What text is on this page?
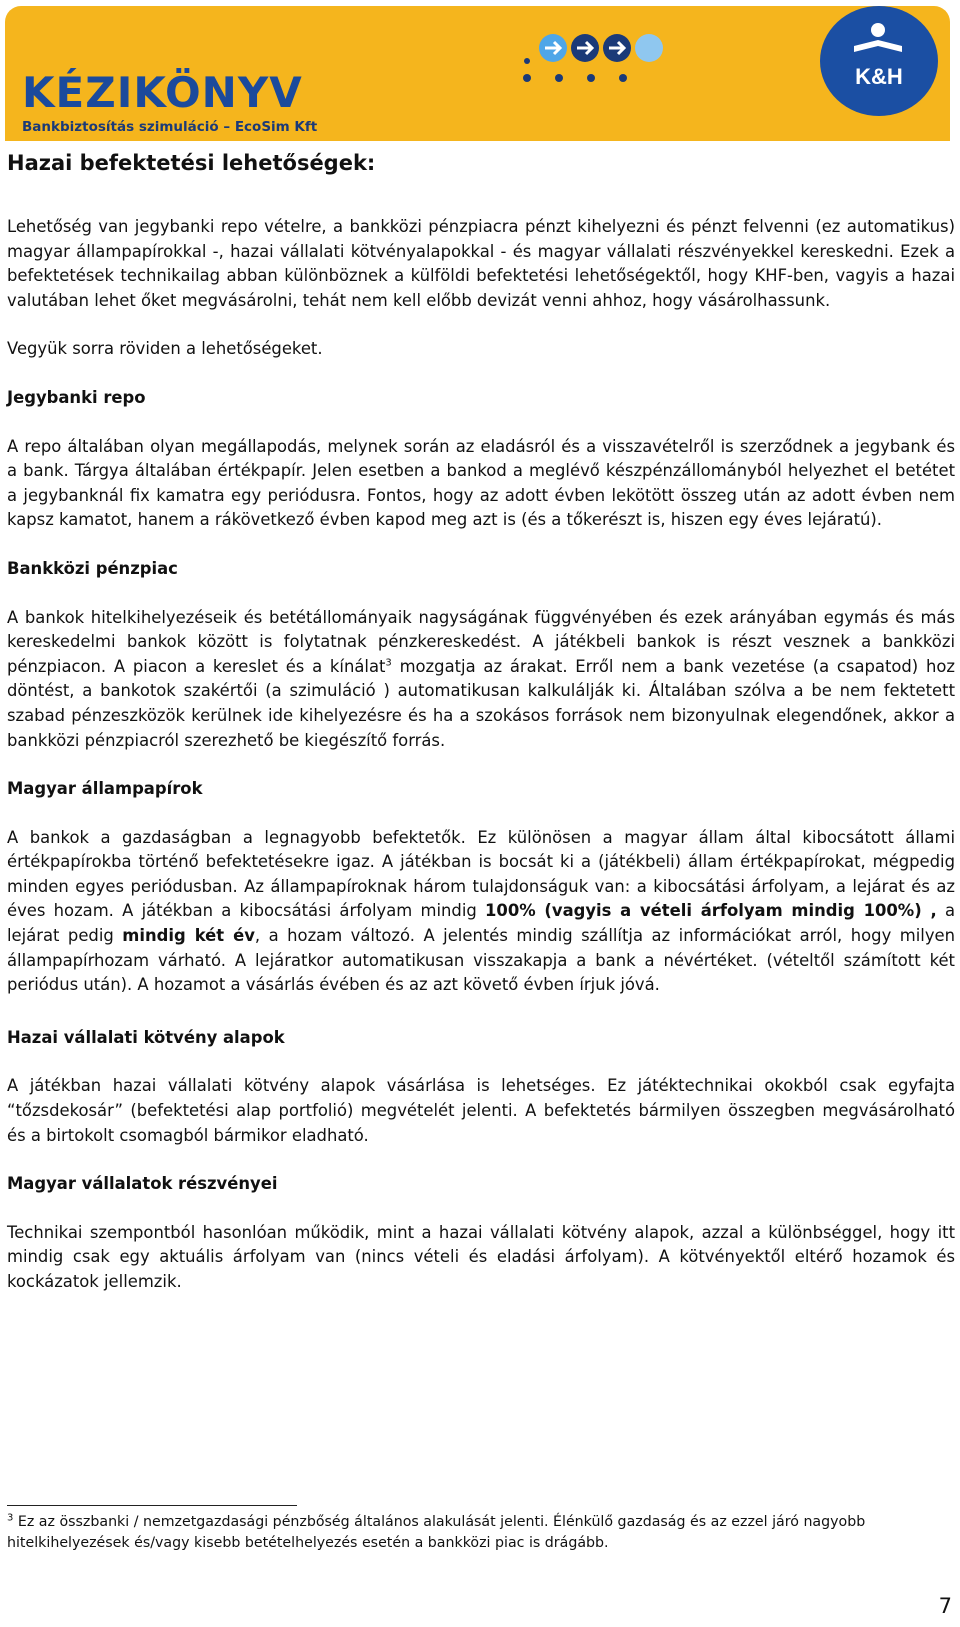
KÉZIKÖNYV
Bankbiztosítás szimuláció – EcoSim Kft
K&H
Hazai befektetési lehetőségek:

Lehetőség van jegybanki repo vételre, a bankközi pénzpiacra pénzt kihelyezni és pénzt felvenni (ez automatikus) magyar állampapírokkal -, hazai vállalati kötvényalapokkal - és magyar vállalati részvényekkel kereskedni. Ezek a befektetések technikailag abban különböznek a külföldi befektetési lehetőségektől, hogy KHF-ben, vagyis a hazai valutában lehet őket megvásárolni, tehát nem kell előbb devizát venni ahhoz, hogy vásárolhassunk.

Vegyük sorra röviden a lehetőségeket.

Jegybanki repo

A repo általában olyan megállapodás, melynek során az eladásról és a visszavételről is szerződnek a jegybank és a bank. Tárgya általában értékpapír. Jelen esetben a bankod a meglévő készpénzállományból helyezhet el betétet a jegybanknál fix kamatra egy periódusra. Fontos, hogy az adott évben lekötött összeg után az adott évben nem kapsz kamatot, hanem a rákövetkező évben kapod meg azt is (és a tőkerészt is, hiszen egy éves lejáratú).

Bankközi pénzpiac

A bankok hitelkihelyezéseik és betétállományaik nagyságának függvényében és ezek arányában egymás és más kereskedelmi bankok között is folytatnak pénzkereskedést. A játékbeli bankok is részt vesznek a bankközi pénzpiacon. A piacon a kereslet és a kínálat$^3$ mozgatja az árakat. Erről nem a bank vezetése (a csapatod) hoz döntést, a bankotok szakértői (a szimuláció ) automatikusan kalkulálják ki. Általában szólva a be nem fektetett szabad pénzeszközök kerülnek ide kihelyezésre és ha a szokásos források nem bizonyulnak elegendőnek, akkor a bankközi pénzpiacról szerezhető be kiegészítő forrás.

Magyar állampapírok

A bankok a gazdaságban a legnagyobb befektetők. Ez különösen a magyar állam által kibocsátott állami értékpapírokba történő befektetésekre igaz. A játékban is bocsát ki a (játékbeli) állam értékpapírokat, mégpedig minden egyes periódusban. Az állampapíroknak három tulajdonságuk van: a kibocsátási árfolyam, a lejárat és az éves hozam. A játékban a kibocsátási árfolyam mindig 100% (vagyis a vételi árfolyam mindig 100%) , a lejárat pedig mindig két év, a hozam változó. A jelentés mindig szállítja az információkat arról, hogy milyen állampapírhozam várható. A lejáratkor automatikusan visszakapja a bank a névértéket. (vételtől számított két periódus után). A hozamot a vásárlás évében és az azt követő évben írjuk jóvá.

Hazai vállalati kötvény alapok

A játékban hazai vállalati kötvény alapok vásárlása is lehetséges. Ez játéktechnikai okokból csak egyfajta “tőzsdekosár” (befektetési alap portfolió) megvételét jelenti. A befektetés bármilyen összegben megvásárolható és a birtokolt csomagból bármikor eladható.

Magyar vállalatok részvényei

Technikai szempontból hasonlóan működik, mint a hazai vállalati kötvény alapok, azzal a különbséggel, hogy itt mindig csak egy aktuális árfolyam van (nincs vételi és eladási árfolyam). A kötvényektől eltérő hozamok és kockázatok jellemzik.

$^3$ Ez az összbanki / nemzetgazdasági pénzbőség általános alakulását jelenti. Élénkülő gazdaság és az ezzel járó nagyobb hitelkihelyezések és/vagy kisebb betételhelyezés esetén a bankközi piac is drágább.
7
